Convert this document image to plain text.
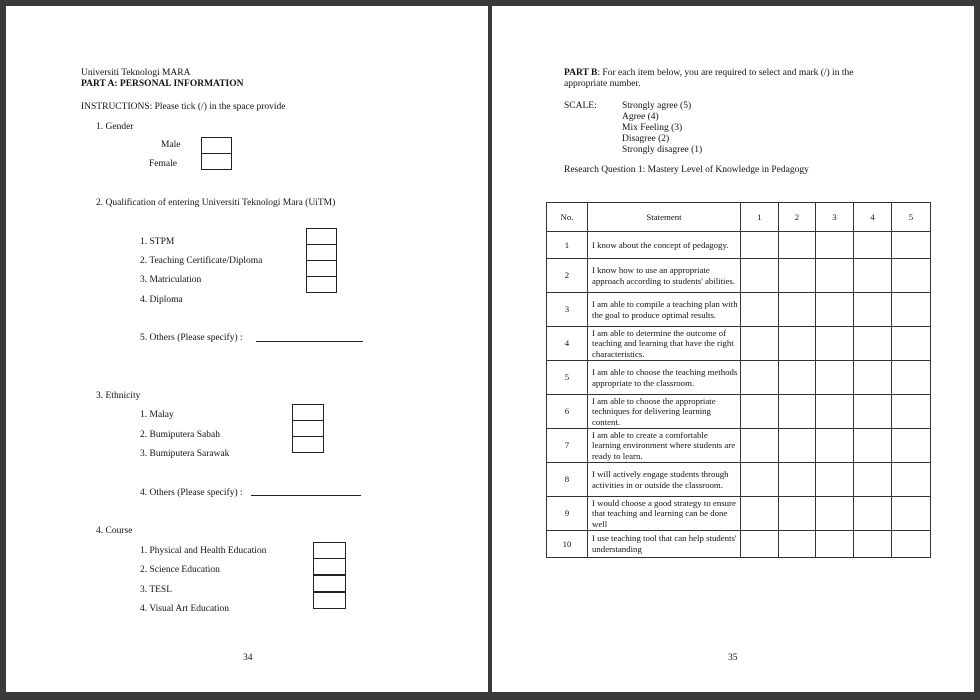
Universiti Teknologi MARA
PART A: PERSONAL INFORMATION
INSTRUCTIONS: Please tick (/) in the space provide
1. Gender
Male
Female
2. Qualification of entering Universiti Teknologi Mara (UiTM)
1. STPM
2. Teaching Certificate/Diploma
3. Matriculation
4. Diploma
5. Others (Please specify) :
3. Ethnicity
1. Malay
2. Bumiputera Sabah
3. Bumiputera Sarawak
4. Others (Please specify) :
4. Course
1. Physical and Health Education
2. Science Education
3. TESL
4. Visual Art Education
34
PART B: For each item below, you are required to select and mark (/) in the
appropriate number.
SCALE:	Strongly agree (5)
Agree (4)
Mix Feeling (3)
Disagree (2)
Strongly disagree (1)
Research Question 1: Mastery Level of Knowledge in Pedagogy
No.	Statement	1	2	3	4	5
1	I know about the concept of pedagogy.					
2	I know how to use an appropriate approach according to students' abilities.					
3	I am able to compile a teaching plan with the goal to produce optimal results.					
4	I am able to determine the outcome of teaching and learning that have the right characteristics.					
5	I am able to choose the teaching methods appropriate to the classroom.					
6	I am able to choose the appropriate techniques for delivering learning content.					
7	I am able to create a comfortable learning environment where students are ready to learn.					
8	I will actively engage students through activities in or outside the classroom.					
9	I would choose a good strategy to ensure that teaching and learning can be done well					
10	I use teaching tool that can help students' understanding					
35
